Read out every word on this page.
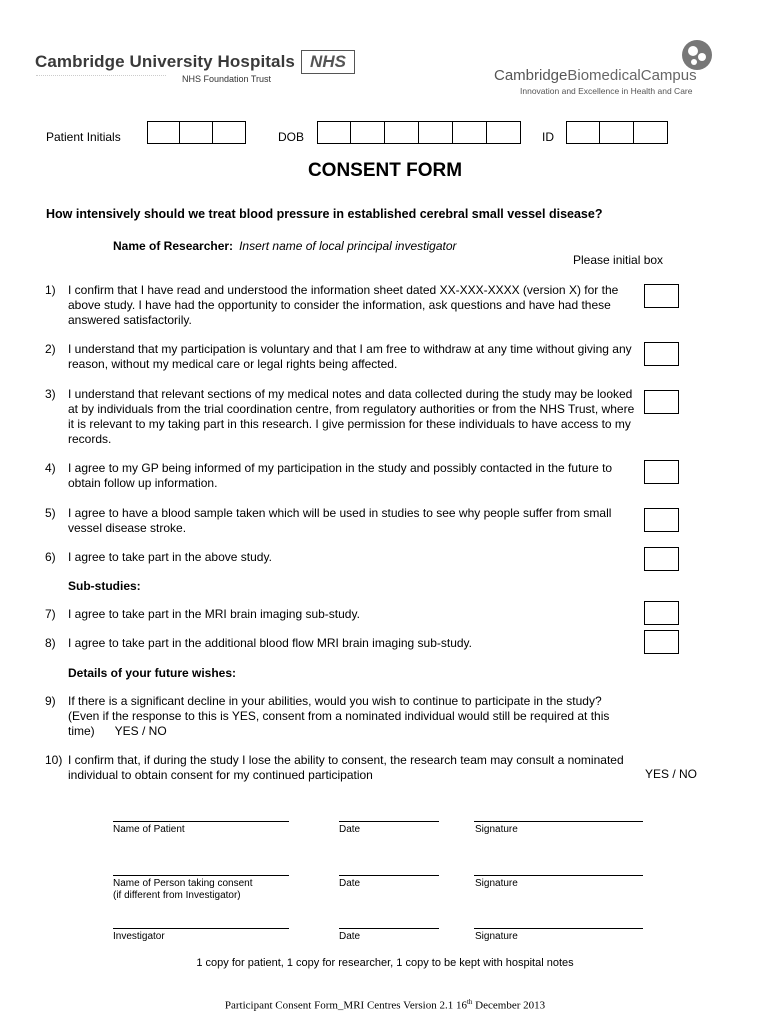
Cambridge University Hospitals NHS
NHS Foundation Trust	CambridgeBiomedicalCampus
Innovation and Excellence in Health and Care
Patient Initials	DOB	ID
CONSENT FORM
How intensively should we treat blood pressure in established cerebral small vessel disease?
Name of Researcher: Insert name of local principal investigator
Please initial box
1)	I confirm that I have read and understood the information sheet dated XX-XXX-XXXX (version X) for the above study. I have had the opportunity to consider the information, ask questions and have had these answered satisfactorily.
2)	I understand that my participation is voluntary and that I am free to withdraw at any time without giving any reason, without my medical care or legal rights being affected.
3)	I understand that relevant sections of my medical notes and data collected during the study may be looked at by individuals from the trial coordination centre, from regulatory authorities or from the NHS Trust, where it is relevant to my taking part in this research. I give permission for these individuals to have access to my records.
4)	I agree to my GP being informed of my participation in the study and possibly contacted in the future to obtain follow up information.
5)	I agree to have a blood sample taken which will be used in studies to see why people suffer from small vessel disease stroke.
6)	I agree to take part in the above study.
Sub-studies:
7)	I agree to take part in the MRI brain imaging sub-study.
8)	I agree to take part in the additional blood flow MRI brain imaging sub-study.
Details of your future wishes:
9)	If there is a significant decline in your abilities, would you wish to continue to participate in the study? (Even if the response to this is YES, consent from a nominated individual would still be required at this time) YES / NO
10) I confirm that, if during the study I lose the ability to consent, the research team may consult a nominated individual to obtain consent for my continued participation	YES / NO
Name of Patient	Date	Signature
Name of Person taking consent
(if different from Investigator)
Date	Signature
Investigator	Date	Signature
1 copy for patient, 1 copy for researcher, 1 copy to be kept with hospital notes
Participant Consent Form_MRI Centres Version 2.1 16th December 2013
